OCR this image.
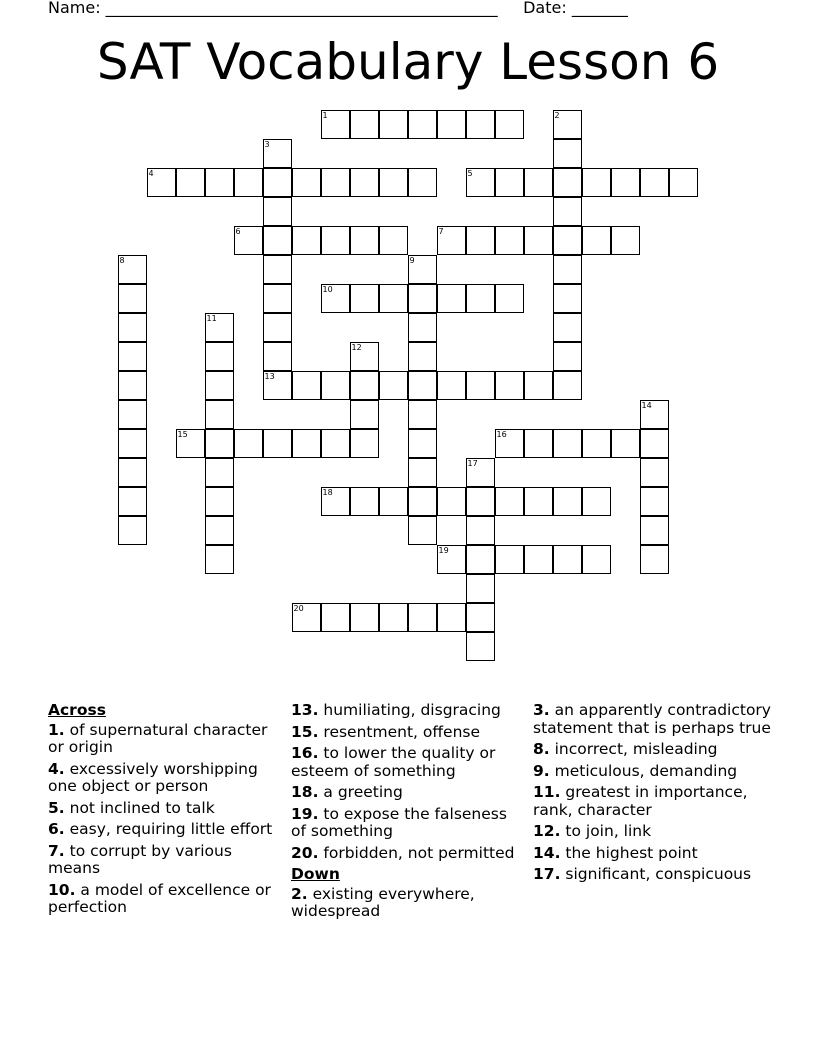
Name: _________________________________________________     Date: _______
SAT Vocabulary Lesson 6
1	2
3
4	5
6	7
8	9
10
11
12
13
14
15	16
17
18
19
20
Across
1. of supernatural character or origin
4. excessively worshipping one object or person
5. not inclined to talk
6. easy, requiring little effort
7. to corrupt by various means
10. a model of excellence or perfection
13. humiliating, disgracing
15. resentment, offense
16. to lower the quality or esteem of something
18. a greeting
19. to expose the falseness of something
20. forbidden, not permitted
Down
2. existing everywhere, widespread
3. an apparently contradictory statement that is perhaps true
8. incorrect, misleading
9. meticulous, demanding
11. greatest in importance, rank, character
12. to join, link
14. the highest point
17. significant, conspicuous
